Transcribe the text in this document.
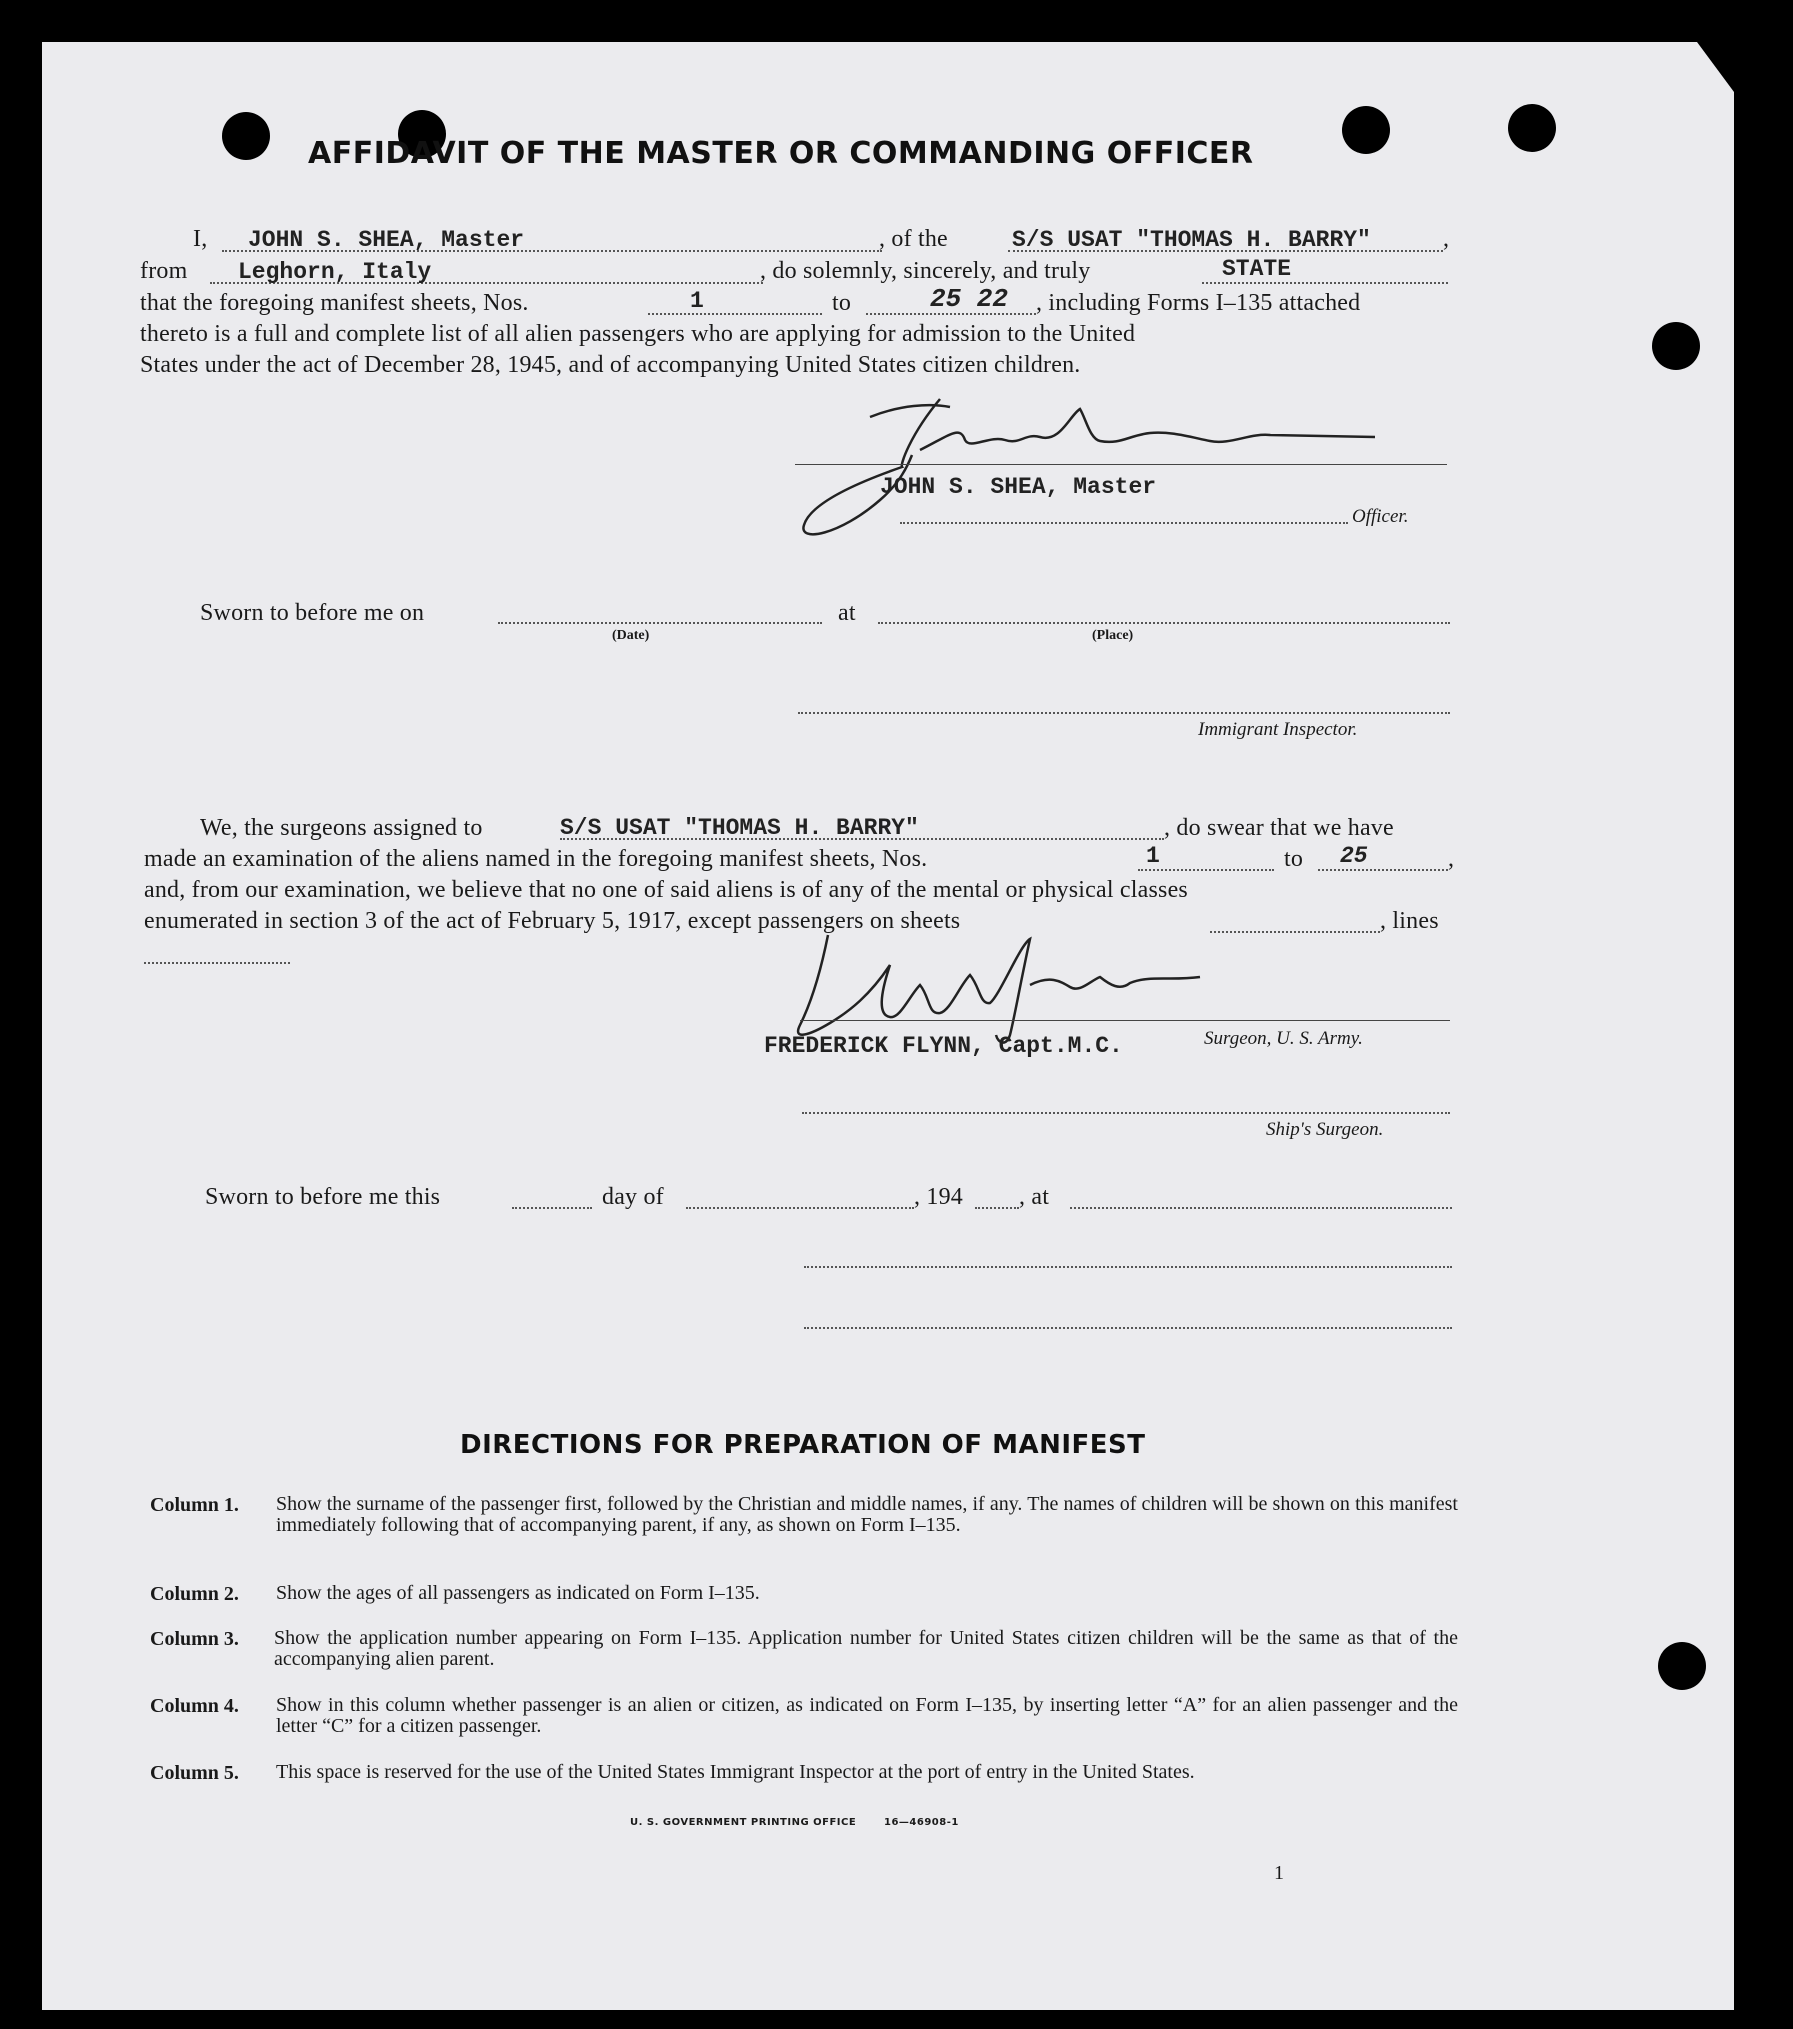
AFFIDAVIT OF THE MASTER OR COMMANDING OFFICER
I, JOHN S. SHEA, Master	, of the	S/S USAT "THOMAS H. BARRY"	,
from Leghorn, Italy	, do solemnly, sincerely, and truly	STATE
that the foregoing manifest sheets, Nos.	1	to	25 22 , including Forms I–135 attached
thereto is a full and complete list of all alien passengers who are applying for admission to the United
States under the act of December 28, 1945, and of accompanying United States citizen children.
JOHN S. SHEA, Master
Officer.
Sworn to before me on
(Date)
at
(Place)
Immigrant Inspector.
We, the surgeons assigned to	S/S USAT "THOMAS H. BARRY"	, do swear that we have
made an examination of the aliens named in the foregoing manifest sheets, Nos.	1	to 25	,
and, from our examination, we believe that no one of said aliens is of any of the mental or physical classes
enumerated in section 3 of the act of February 5, 1917, except passengers on sheets	, lines
FREDERICK FLYNN, Capt.M.C.	Surgeon, U. S. Army.
Ship's Surgeon.
Sworn to before me this	day of	, 194 , at
DIRECTIONS FOR PREPARATION OF MANIFEST
Column 1. Show the surname of the passenger first, followed by the Christian and middle names, if any. The names of children will be shown on this manifest immediately following that of accompanying parent, if any, as shown on Form I–135.
Column 2. Show the ages of all passengers as indicated on Form I–135.
Column 3. Show the application number appearing on Form I–135. Application number for United States citizen children will be the same as that of the accompanying alien parent.
Column 4. Show in this column whether passenger is an alien or citizen, as indicated on Form I–135, by inserting letter “A” for an alien passenger and the letter “C” for a citizen passenger.
Column 5. This space is reserved for the use of the United States Immigrant Inspector at the port of entry in the United States.
U. S. GOVERNMENT PRINTING OFFICE	16—46908-1
1
